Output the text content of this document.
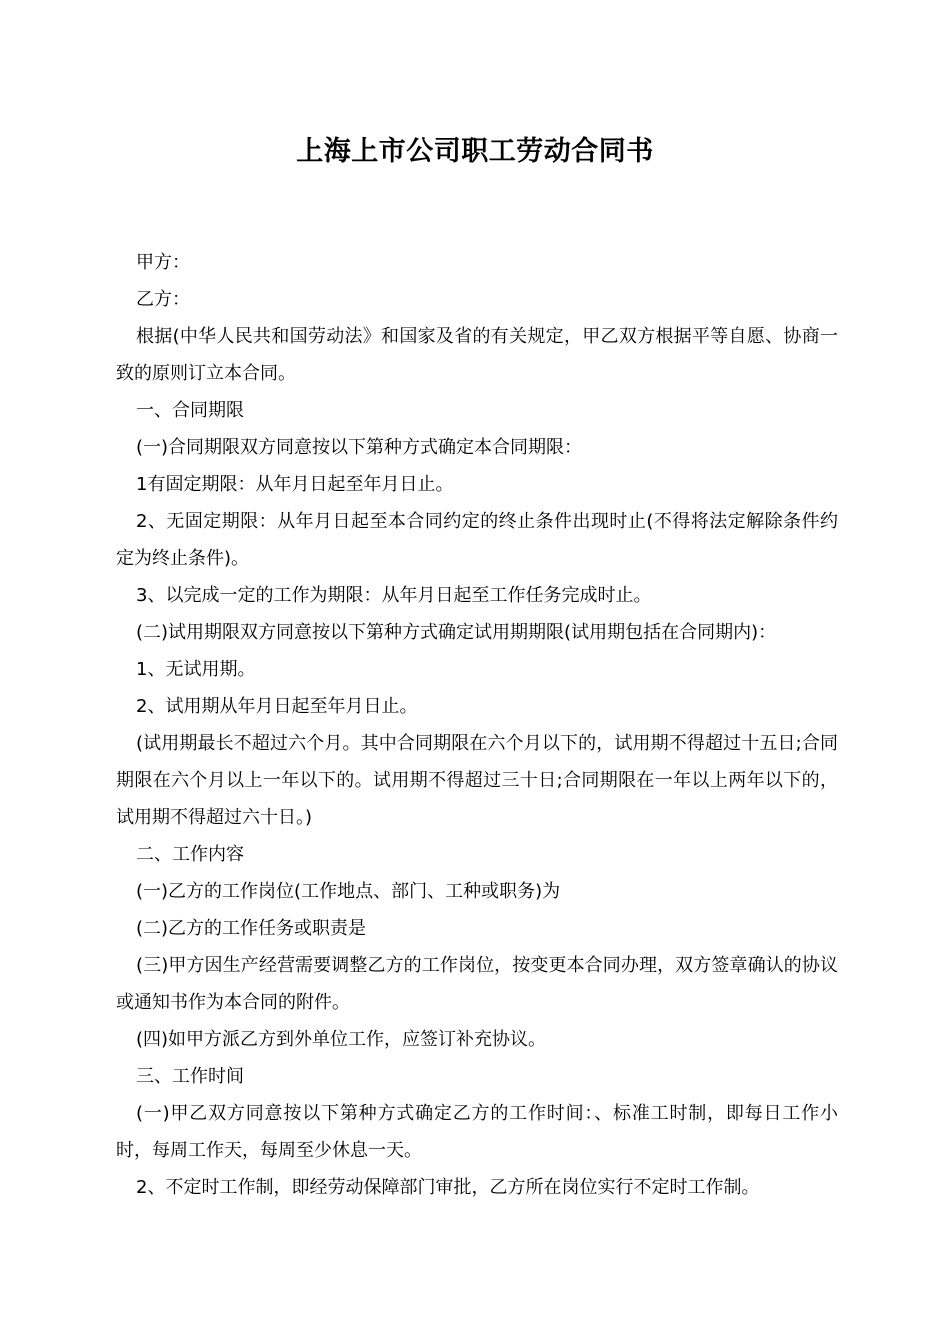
上海上市公司职工劳动合同书

甲方：

乙方：

根据(中华人民共和国劳动法》和国家及省的有关规定，甲乙双方根据平等自愿、协商一致的原则订立本合同。

一、合同期限

(一)合同期限双方同意按以下第种方式确定本合同期限：

1有固定期限：从年月日起至年月日止。

2、无固定期限：从年月日起至本合同约定的终止条件出现时止(不得将法定解除条件约定为终止条件)。

3、以完成一定的工作为期限：从年月日起至工作任务完成时止。

(二)试用期限双方同意按以下第种方式确定试用期期限(试用期包括在合同期内)：

1、无试用期。

2、试用期从年月日起至年月日止。

(试用期最长不超过六个月。其中合同期限在六个月以下的，试用期不得超过十五日;合同期限在六个月以上一年以下的。试用期不得超过三十日;合同期限在一年以上两年以下的，试用期不得超过六十日。)

二、工作内容

(一)乙方的工作岗位(工作地点、部门、工种或职务)为

(二)乙方的工作任务或职责是

(三)甲方因生产经营需要调整乙方的工作岗位，按变更本合同办理，双方签章确认的协议或通知书作为本合同的附件。

(四)如甲方派乙方到外单位工作，应签订补充协议。

三、工作时间

(一)甲乙双方同意按以下第种方式确定乙方的工作时间：、标准工时制，即每日工作小时，每周工作天，每周至少休息一天。

2、不定时工作制，即经劳动保障部门审批，乙方所在岗位实行不定时工作制。
